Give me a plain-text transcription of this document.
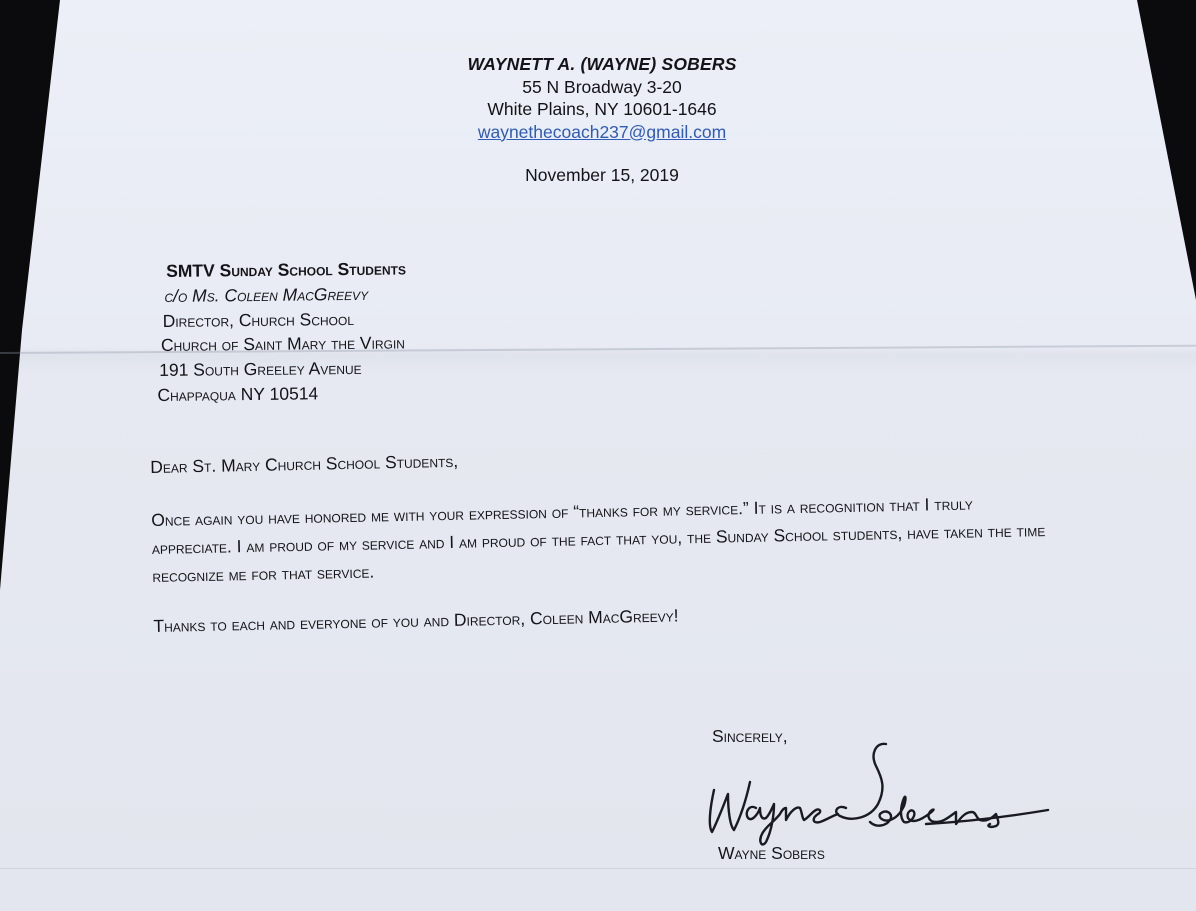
WAYNETT A. (WAYNE) SOBERS
55 N Broadway 3-20
White Plains, NY 10601-1646
waynethecoach237@gmail.com
November 15, 2019
SMTV Sunday School Students
c/o Ms. Coleen MacGreevy
Director, Church School
Church of Saint Mary the Virgin
191 South Greeley Avenue
Chappaqua NY 10514
Dear St. Mary Church School Students,
Once again you have honored me with your expression of “thanks for my service.” It is a recognition that I truly appreciate. I am proud of my service and I am proud of the fact that you, the Sunday School students, have taken the time recognize me for that service.
Thanks to each and everyone of you and Director, Coleen MacGreevy!
Sincerely,
Wayne Sobers
